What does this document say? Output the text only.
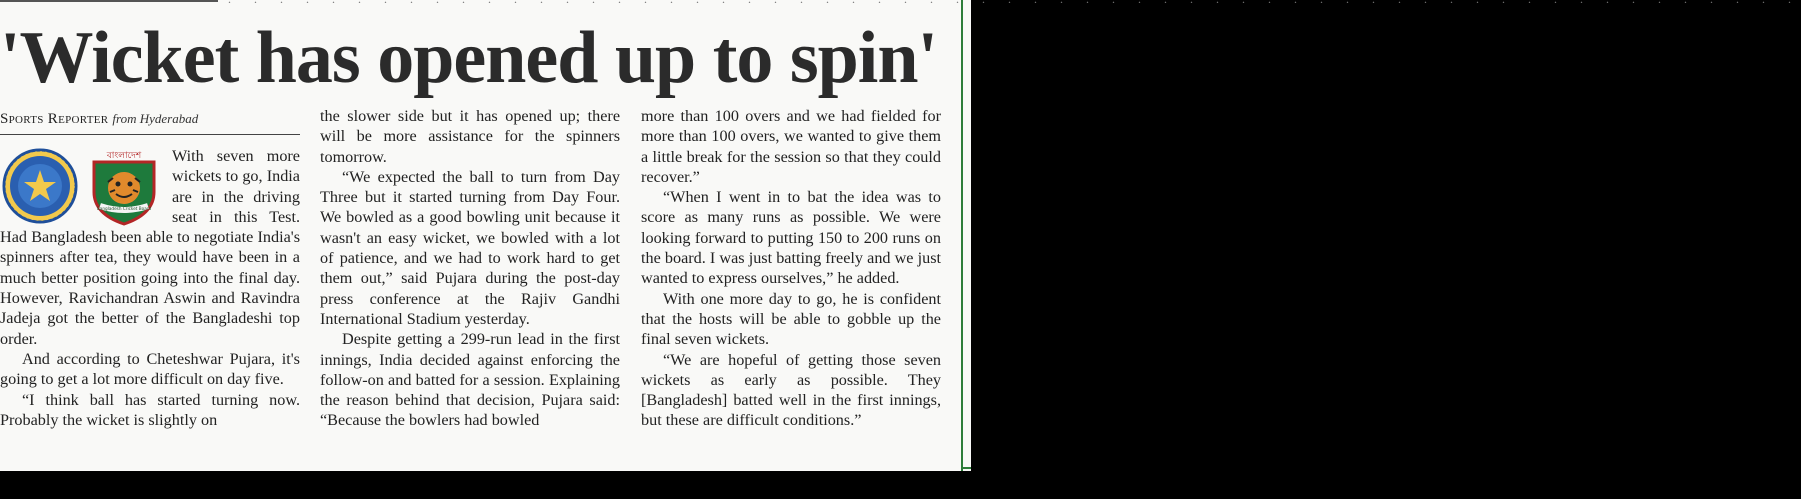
'Wicket has opened up to spin'
Sports Reporter from Hyderabad
বাংলাদেশ
Bangladesh Cricket Board

With seven more wickets to go, India are in the driving seat in this Test. Had Bangladesh been able to negotiate India's spinners after tea, they would have been in a much better position going into the final day. However, Ravichandran Aswin and Ravindra Jadeja got the better of the Bangladeshi top order.

And according to Cheteshwar Pujara, it's going to get a lot more difficult on day five.

“I think ball has started turning now. Probably the wicket is slightly on

the slower side but it has opened up; there will be more assistance for the spinners tomorrow.

“We expected the ball to turn from Day Three but it started turning from Day Four. We bowled as a good bowling unit because it wasn't an easy wicket, we bowled with a lot of patience, and we had to work hard to get them out,” said Pujara during the post-day press conference at the Rajiv Gandhi International Stadium yesterday.

Despite getting a 299-run lead in the first innings, India decided against enforcing the follow-on and batted for a session. Explaining the reason behind that decision, Pujara said: “Because the bowlers had bowled

more than 100 overs and we had fielded for more than 100 overs, we wanted to give them a little break for the session so that they could recover.”

“When I went in to bat the idea was to score as many runs as possible. We were looking forward to putting 150 to 200 runs on the board. I was just batting freely and we just wanted to express ourselves,” he added.

With one more day to go, he is confident that the hosts will be able to gobble up the final seven wickets.

“We are hopeful of getting those seven wickets as early as possible. They [Bangladesh] batted well in the first innings, but these are difficult conditions.”
